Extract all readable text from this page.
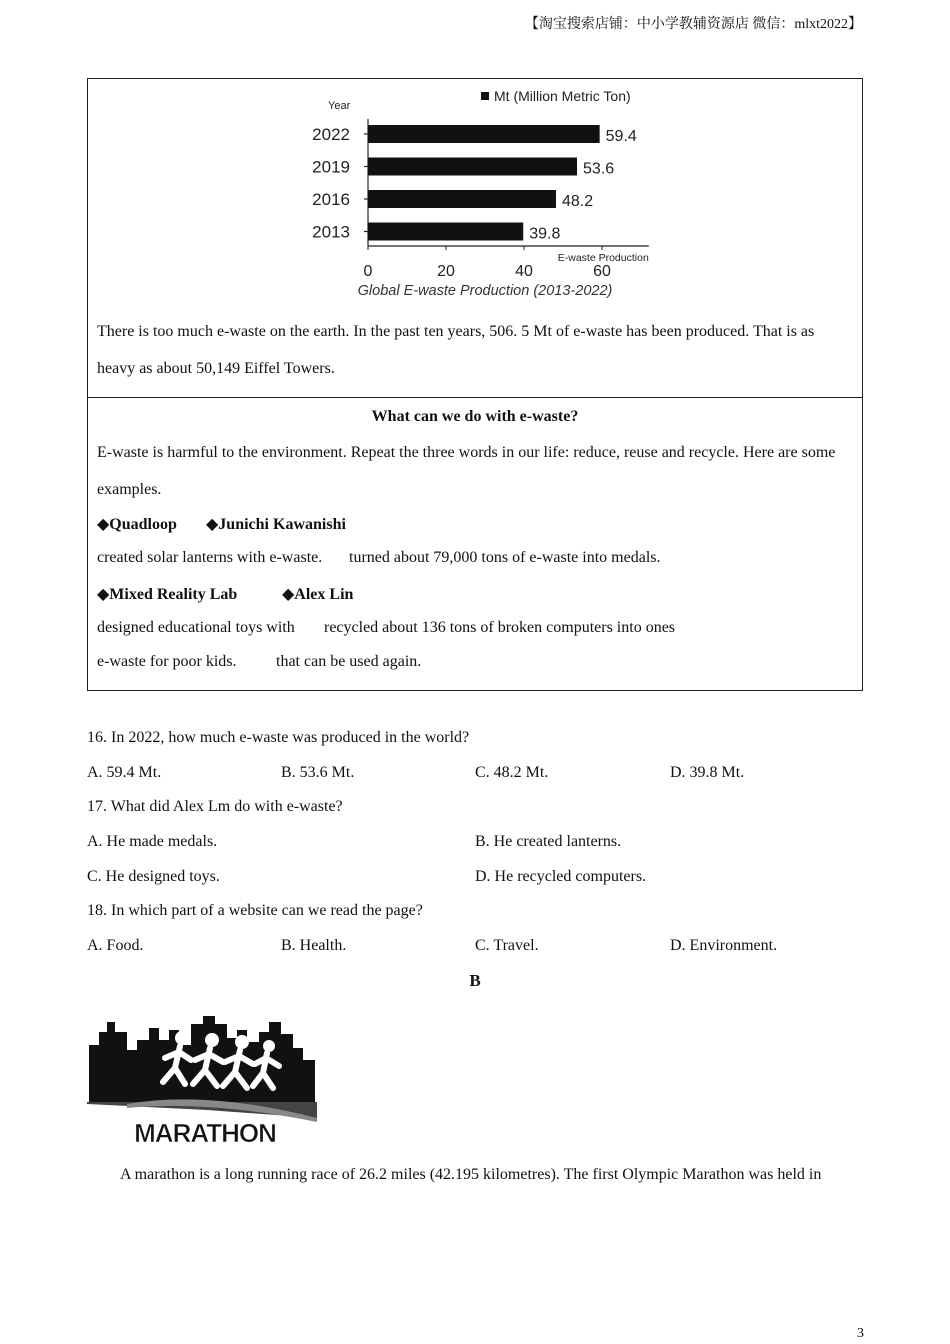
【淘宝搜索店铺：中小学教辅资源店 微信：mlxt2022】
Mt (Million Metric Ton)
Year
2022	59.4
2019	53.6
2016	48.2
2013	39.8
0	20	40	60
E-waste Production
Global E-waste Production (2013-2022)

There is too much e-waste on the earth. In the past ten years, 506. 5 Mt of e-waste has been produced. That is as heavy as about 50,149 Eiffel Towers.

What can we do with e-waste?

E-waste is harmful to the environment. Repeat the three words in our life: reduce, reuse and recycle. Here are some examples.

◆Quadloop ◆Junichi Kawanishi
created solar lanterns with e-waste. turned about 79,000 tons of e-waste into medals.
◆Mixed Reality Lab	◆Alex Lin
designed educational toys with recycled about 136 tons of broken computers into ones
e-waste for poor kids. that can be used again.
16. In 2022, how much e-waste was produced in the world?
A. 59.4 Mt.	B. 53.6 Mt.	C. 48.2 Mt.	D. 39.8 Mt.
17. What did Alex Lm do with e-waste?
A. He made medals.	B. He created lanterns.
C. He designed toys.	D. He recycled computers.
18. In which part of a website can we read the page?
A. Food.	B. Health.	C. Travel.	D. Environment.
B
MARATHON
A marathon is a long running race of 26.2 miles (42.195 kilometres). The first Olympic Marathon was held in
3
